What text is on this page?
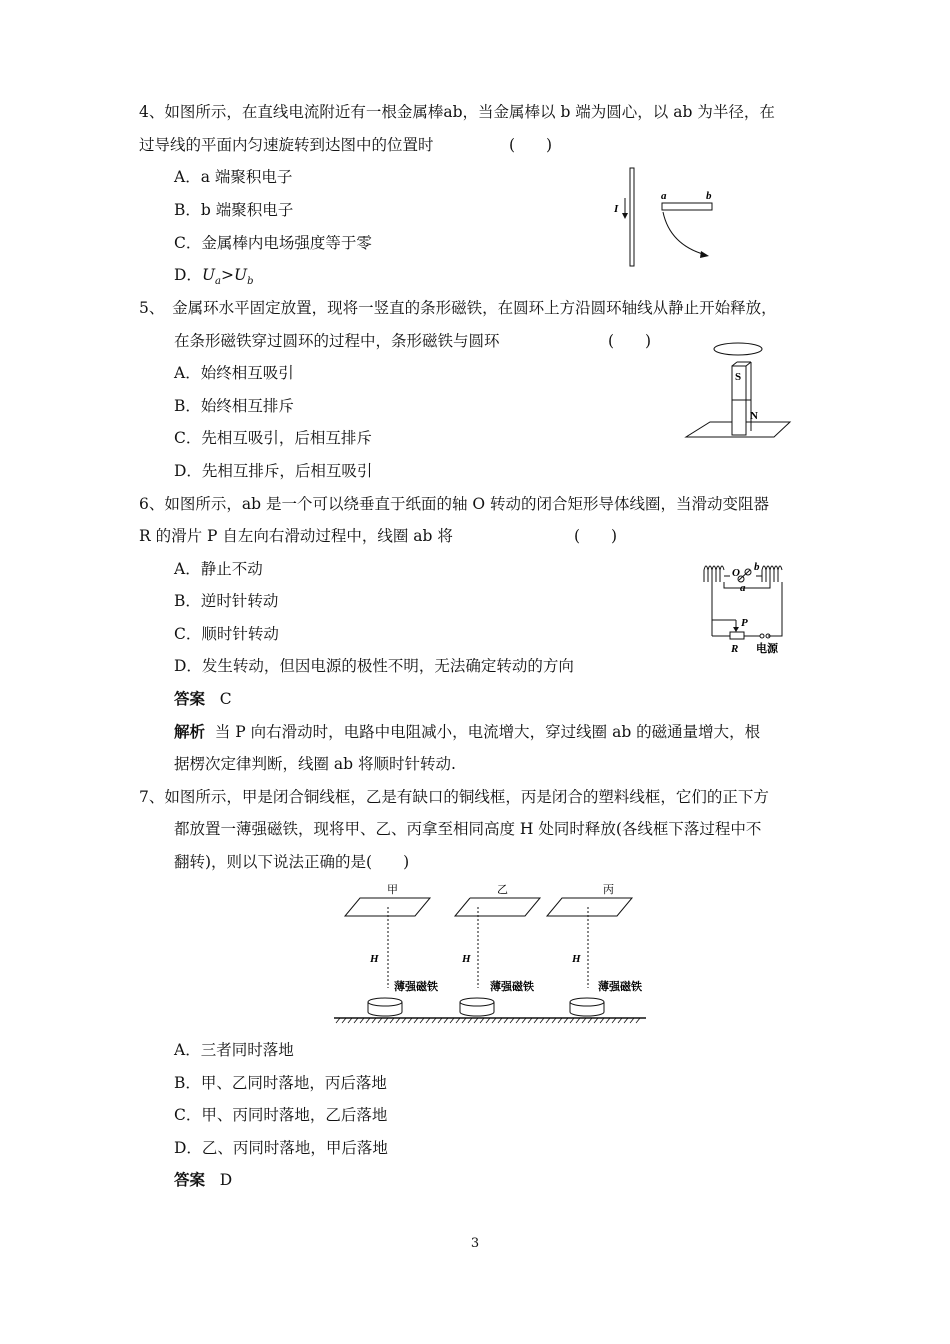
4、如图所示，在直线电流附近有一根金属棒ab，当金属棒以 b 端为圆心，以 ab 为半径，在
过导线的平面内匀速旋转到达图中的位置时	(　　)
A．a 端聚积电子
B．b 端聚积电子
C．金属棒内电场强度等于零
D．$U_a>U_b$
I
a	b
5、　金属环水平固定放置，现将一竖直的条形磁铁，在圆环上方沿圆环轴线从静止开始释放，
在条形磁铁穿过圆环的过程中，条形磁铁与圆环	(　　)
A．始终相互吸引
B．始终相互排斥
C．先相互吸引，后相互排斥
D．先相互排斥，后相互吸引
S
N
6、如图所示，ab 是一个可以绕垂直于纸面的轴 O 转动的闭合矩形导体线圈，当滑动变阻器
R 的滑片 P 自左向右滑动过程中，线圈 ab 将	(　　)
A．静止不动
B．逆时针转动
C．顺时针转动
D．发生转动，但因电源的极性不明，无法确定转动的方向
答案 C
解析 当 P 向右滑动时，电路中电阻减小，电流增大，穿过线圈 ab 的磁通量增大，根
据楞次定律判断，线圈 ab 将顺时针转动.
O
a
b
P
R 电源
7、如图所示，甲是闭合铜线框，乙是有缺口的铜线框，丙是闭合的塑料线框，它们的正下方
都放置一薄强磁铁，现将甲、乙、丙拿至相同高度 H 处同时释放(各线框下落过程中不
翻转)，则以下说法正确的是(　　)
甲
H
薄强磁铁
乙
H
薄强磁铁
丙
H
薄强磁铁
A．三者同时落地
B．甲、乙同时落地，丙后落地
C．甲、丙同时落地，乙后落地
D．乙、丙同时落地，甲后落地
答案 D
3
